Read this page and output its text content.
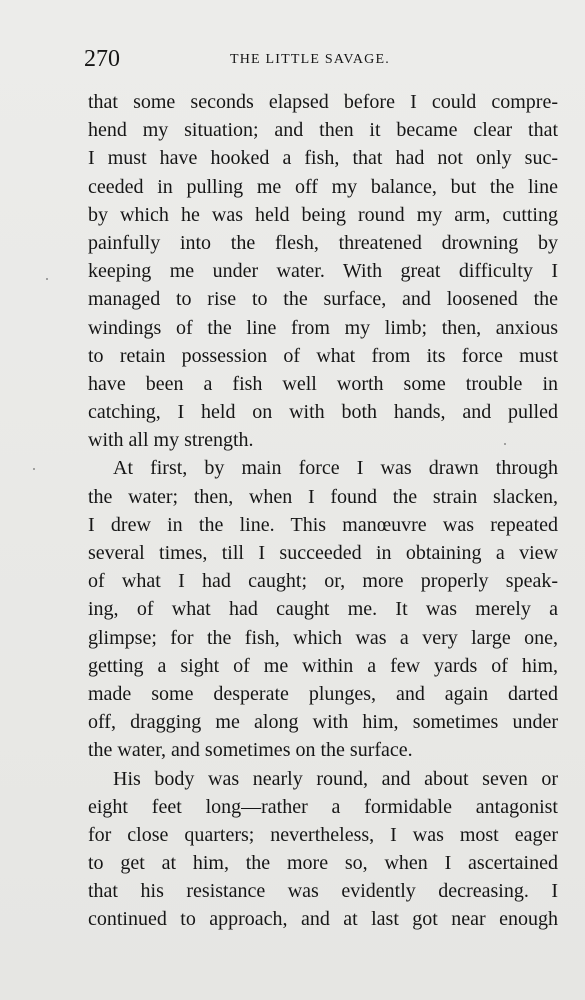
270	THE LITTLE SAVAGE.
that some seconds elapsed before I could compre-
hend my situation; and then it became clear that
I must have hooked a fish, that had not only suc-
ceeded in pulling me off my balance, but the line
by which he was held being round my arm, cutting
painfully into the flesh, threatened drowning by
keeping me under water. With great difficulty I
managed to rise to the surface, and loosened the
windings of the line from my limb; then, anxious
to retain possession of what from its force must
have been a fish well worth some trouble in
catching, I held on with both hands, and pulled
with all my strength.
At first, by main force I was drawn through
the water; then, when I found the strain slacken,
I drew in the line. This manœuvre was repeated
several times, till I succeeded in obtaining a view
of what I had caught; or, more properly speak-
ing, of what had caught me. It was merely a
glimpse; for the fish, which was a very large one,
getting a sight of me within a few yards of him,
made some desperate plunges, and again darted
off, dragging me along with him, sometimes under
the water, and sometimes on the surface.
His body was nearly round, and about seven or
eight feet long—rather a formidable antagonist
for close quarters; nevertheless, I was most eager
to get at him, the more so, when I ascertained
that his resistance was evidently decreasing. I
continued to approach, and at last got near enough
